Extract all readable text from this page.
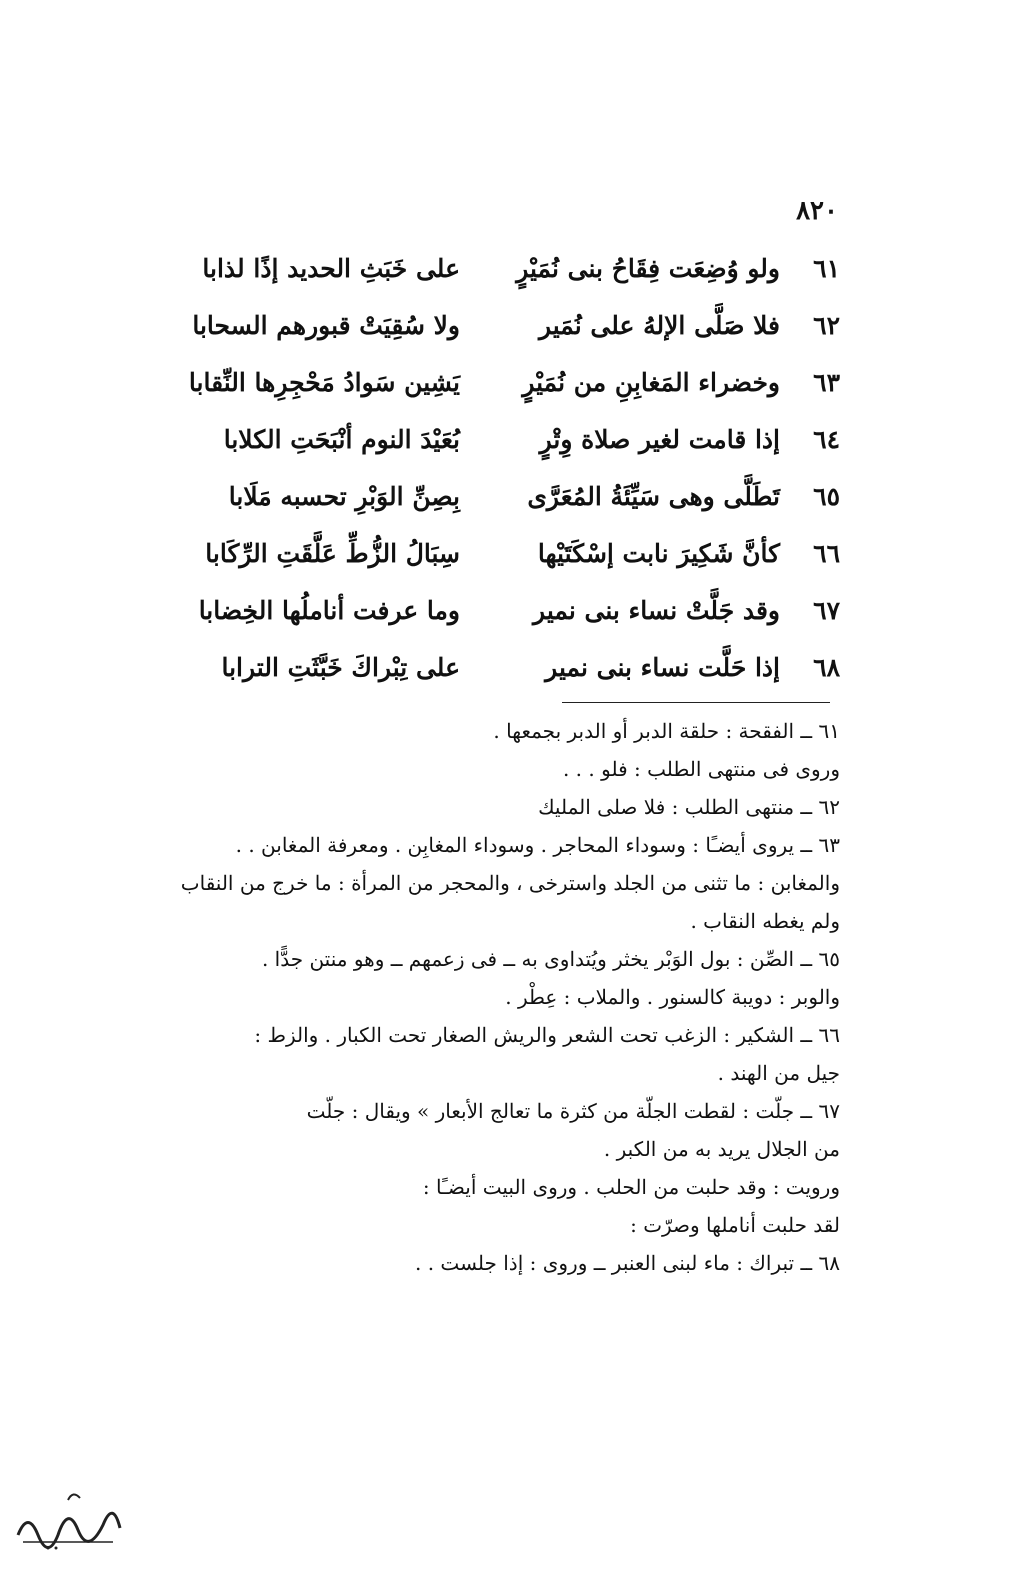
٨٢٠
٦١
ولو وُضِعَت فِقَاحُ بنى نُمَيْرٍ
على خَبَثِ الحديد إذًا لذابا
٦٢
فلا صَلَّى الإلهُ على نُمَير
ولا سُقِيَتْ قبورهم السحابا
٦٣
وخضراء المَغابِنِ من نُمَيْرٍ
يَشِين سَوادُ مَحْجِرِها النِّقابا
٦٤
إذا قامت لغير صلاة وِتْرٍ
بُعَيْدَ النوم أنْبَحَتِ الكلابا
٦٥
تَطَلَّى وهى سَيِّئَةُ المُعَرَّى
بِصِنِّ الوَبْرِ تحسبه مَلَابا
٦٦
كأنَّ شَكِيرَ نابت إسْكَتَيْها
سِبَالُ الزُّطِّ عَلَّقَتِ الرِّكَابا
٦٧
وقد جَلَّتْ نساء بنى نمير
وما عرفت أناملُها الخِضابا
٦٨
إذا حَلَّت نساء بنى نمير
على تِبْراكَ خَبَّثَتِ الترابا
٦١ ــ الفقحة : حلقة الدبر أو الدبر بجمعها .
وروى فى منتهى الطلب : فلو . . .
٦٢ ــ منتهى الطلب : فلا صلى المليك
٦٣ ــ يروى أيضـًا : وسوداء المحاجر . وسوداء المغابِن . ومعرفة المغابن . .
والمغابن : ما تثنى من الجلد واسترخى ، والمحجر من المرأة : ما خرج من النقاب
ولم يغطه النقاب .
٦٥ ــ الصِّن : بول الوَبْر يخثر ويُتداوى به ــ فى زعمهم ــ وهو منتن جدًّا .
والوبر : دويبة كالسنور . والملاب : عِطْر .
٦٦ ــ الشكير : الزغب تحت الشعر والريش الصغار تحت الكبار . والزط :
جيل من الهند .
٦٧ ــ جلّت : لقطت الجلّة من كثرة ما تعالج الأبعار » ويقال : جلّت
من الجلال يريد به من الكبر .
ورويت : وقد حلبت من الحلب . وروى البيت أيضـًا :
لقد حلبت أناملها وصرّت :
٦٨ ــ تبراك : ماء لبنى العنبر ــ وروى : إذا جلست . .
